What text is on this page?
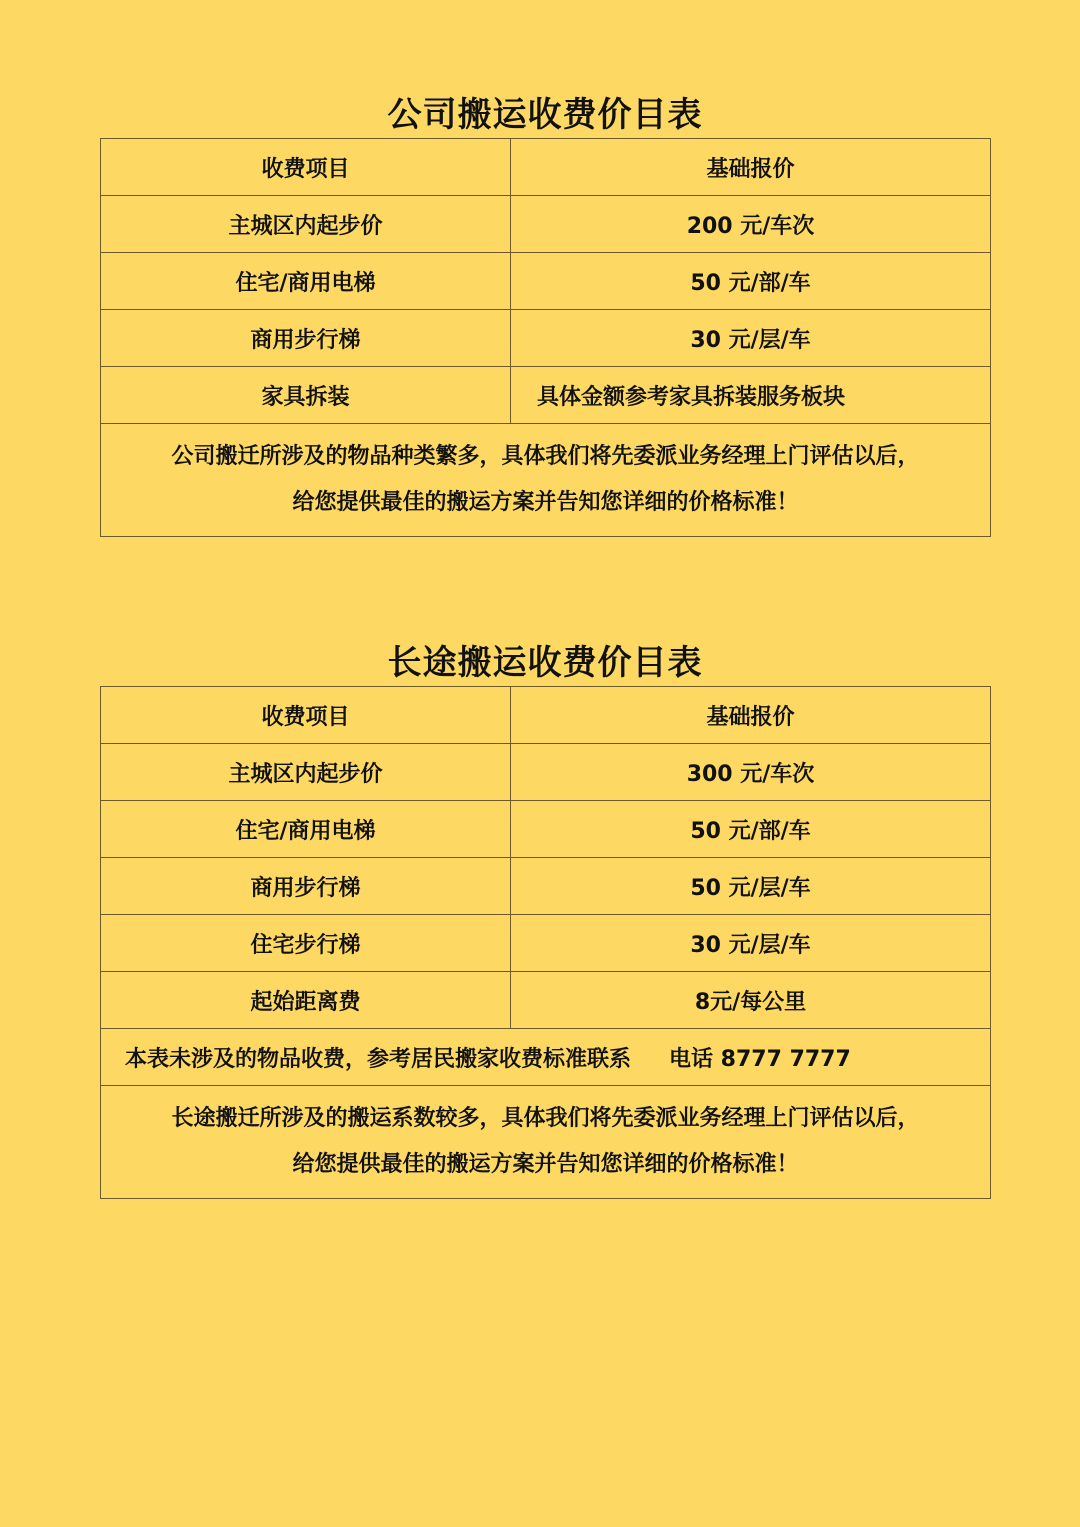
公司搬运收费价目表
收费项目	基础报价
主城区内起步价	200 元/车次
住宅/商用电梯	50 元/部/车
商用步行梯	30 元/层/车
家具拆装	具体金额参考家具拆装服务板块

公司搬迁所涉及的物品种类繁多，具体我们将先委派业务经理上门评估以后，
给您提供最佳的搬运方案并告知您详细的价格标准！	
长途搬运收费价目表
收费项目	基础报价
主城区内起步价	300 元/车次
住宅/商用电梯	50 元/部/车
商用步行梯	50 元/层/车
住宅步行梯	30 元/层/车
起始距离费	8元/每公里
本表未涉及的物品收费，参考居民搬家收费标准联系 电话 8777 7777	

长途搬迁所涉及的搬运系数较多，具体我们将先委派业务经理上门评估以后，
给您提供最佳的搬运方案并告知您详细的价格标准！	
